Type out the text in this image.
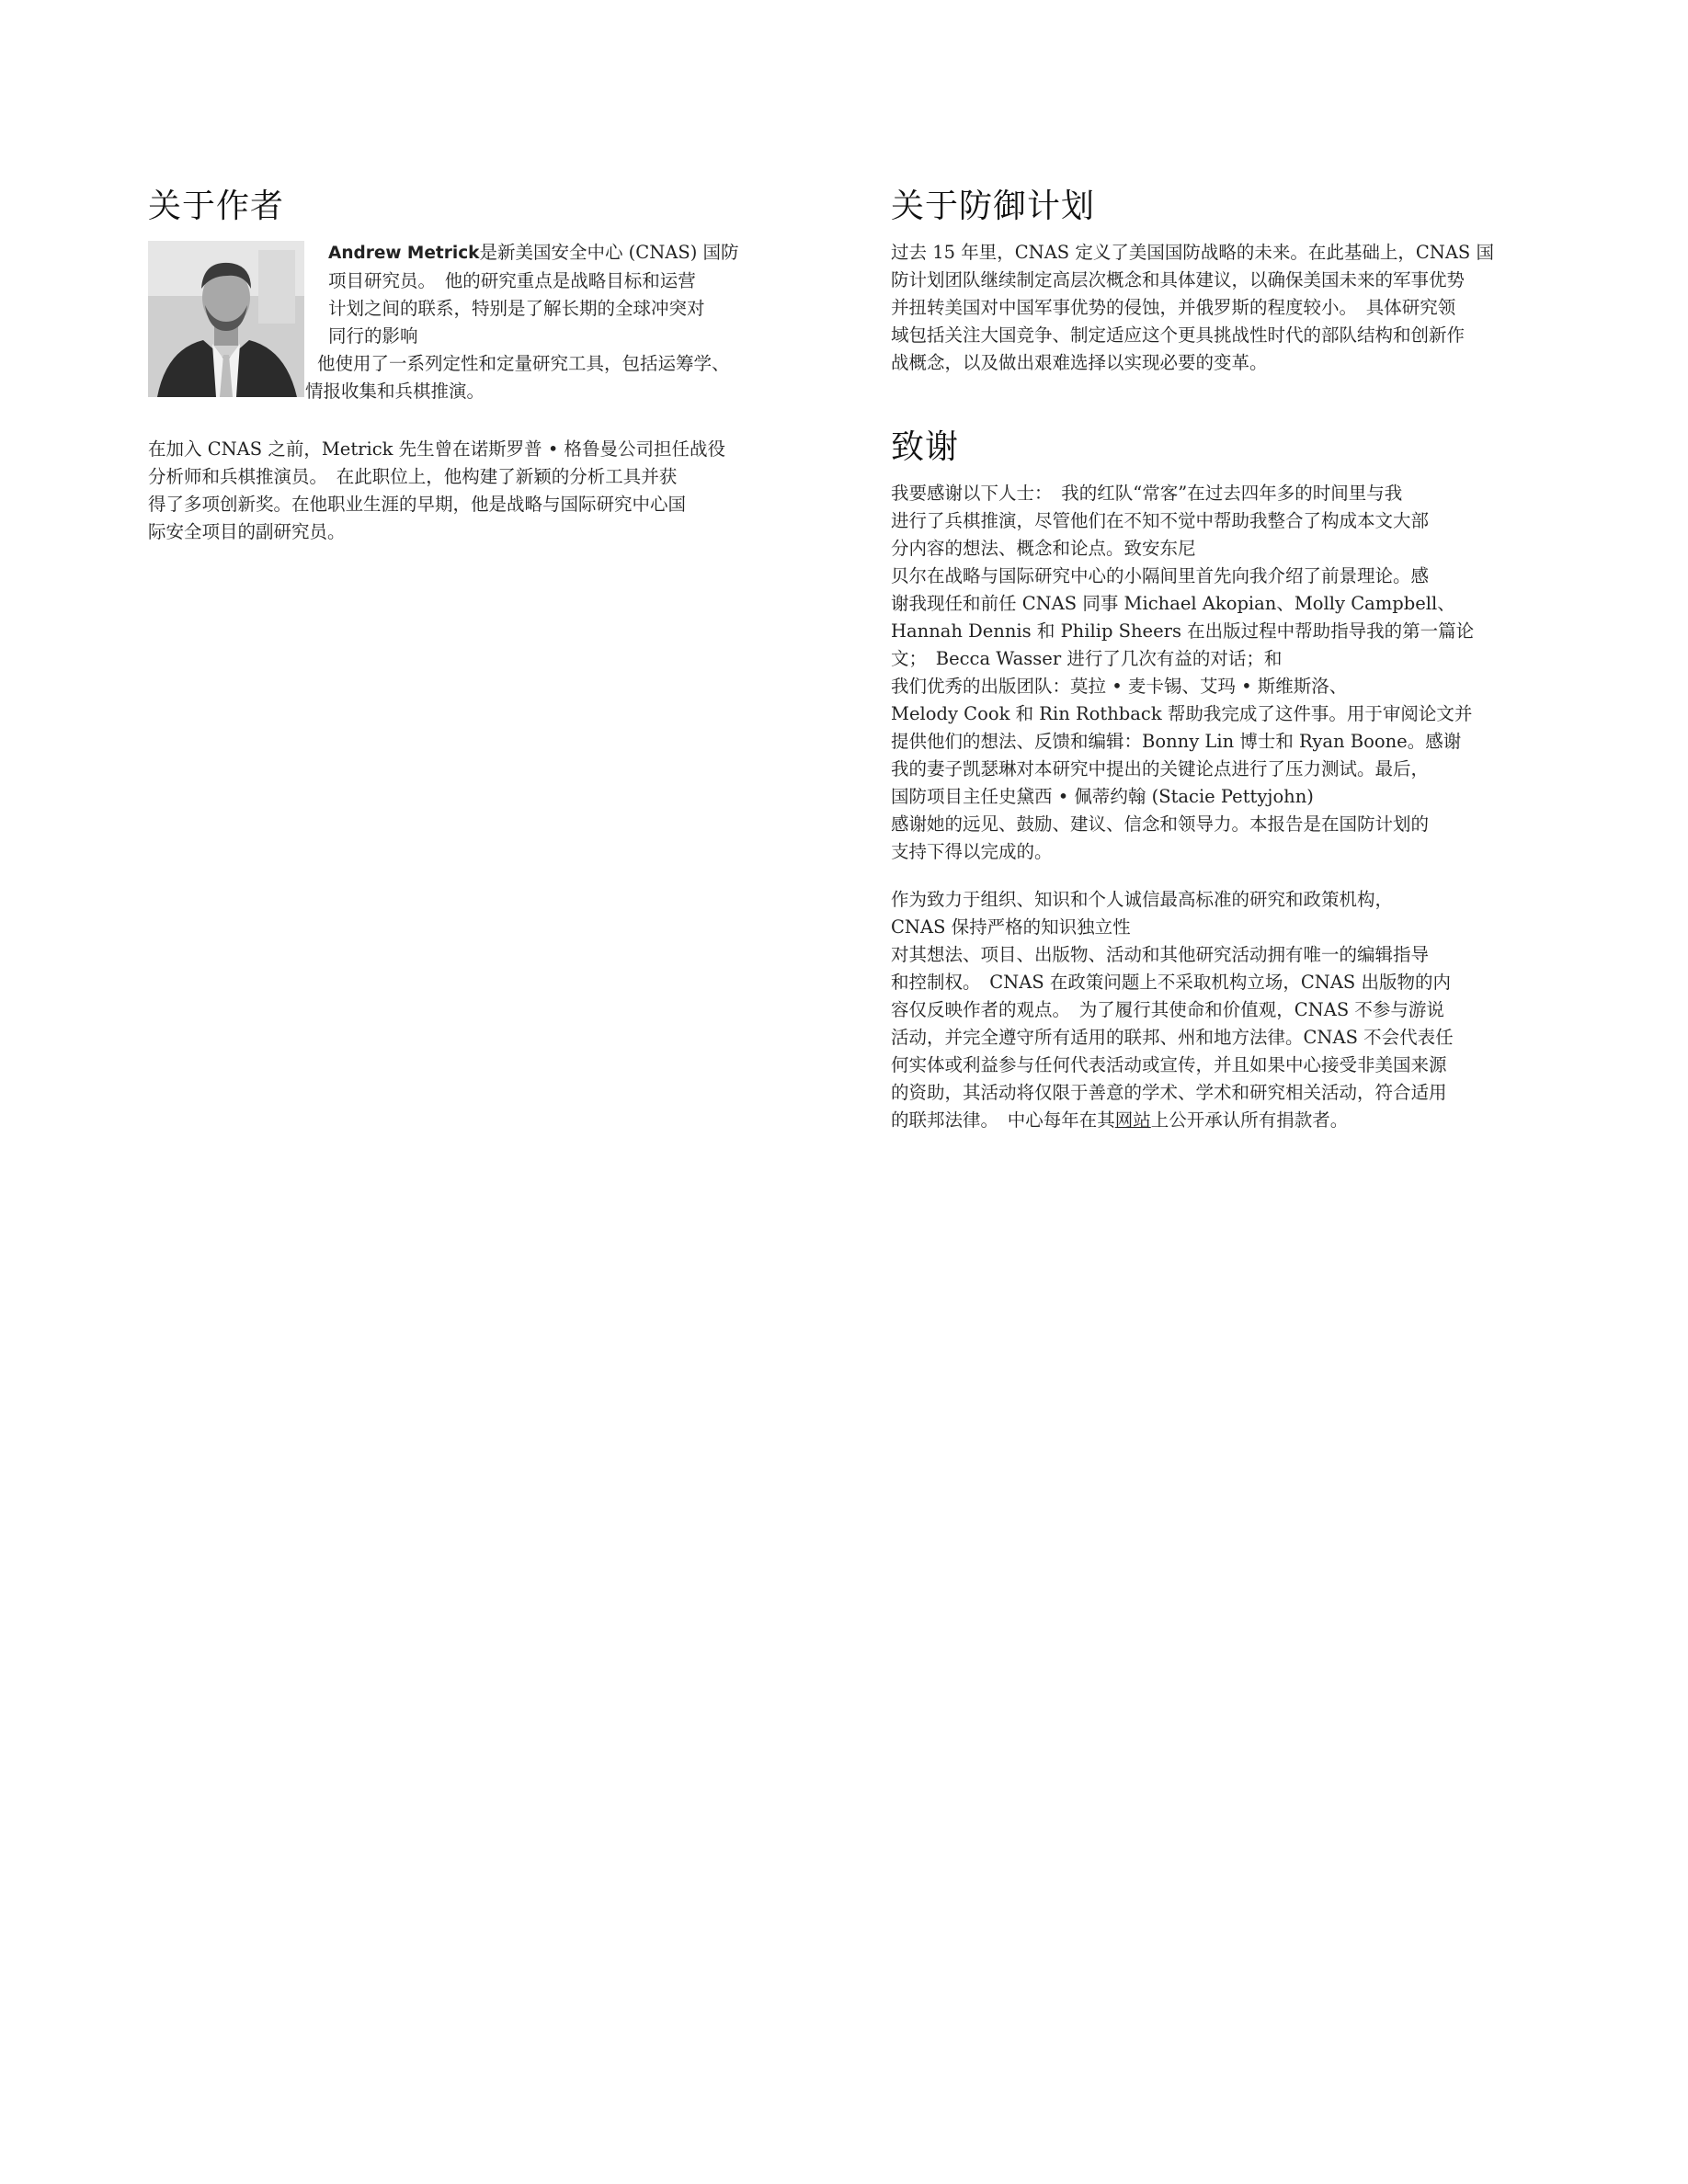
关于作者
Andrew Metrick是新美国安全中心 (CNAS) 国防
项目研究员。　他的研究重点是战略目标和运营
计划之间的联系，特别是了解长期的全球冲突对
同行的影响
他使用了一系列定性和定量研究工具，包括运筹学、
情报收集和兵棋推演。

在加入 CNAS 之前，Metrick 先生曾在诺斯罗普 • 格鲁曼公司担任战役
分析师和兵棋推演员。　在此职位上，他构建了新颖的分析工具并获
得了多项创新奖。在他职业生涯的早期，他是战略与国际研究中心国
际安全项目的副研究员。

关于防御计划

过去 15 年里，CNAS 定义了美国国防战略的未来。在此基础上，CNAS 国
防计划团队继续制定高层次概念和具体建议，以确保美国未来的军事优势
并扭转美国对中国军事优势的侵蚀，并俄罗斯的程度较小。　具体研究领
域包括关注大国竞争、制定适应这个更具挑战性时代的部队结构和创新作
战概念，以及做出艰难选择以实现必要的变革。

致谢

我要感谢以下人士：　我的红队“常客”在过去四年多的时间里与我
进行了兵棋推演，尽管他们在不知不觉中帮助我整合了构成本文大部
分内容的想法、概念和论点。致安东尼
贝尔在战略与国际研究中心的小隔间里首先向我介绍了前景理论。感
谢我现任和前任 CNAS 同事 Michael Akopian、Molly Campbell、
Hannah Dennis 和 Philip Sheers 在出版过程中帮助指导我的第一篇论
文；　Becca Wasser 进行了几次有益的对话；和
我们优秀的出版团队：莫拉 • 麦卡锡、艾玛 • 斯维斯洛、
Melody Cook 和 Rin Rothback 帮助我完成了这件事。用于审阅论文并
提供他们的想法、反馈和编辑：Bonny Lin 博士和 Ryan Boone。感谢
我的妻子凯瑟琳对本研究中提出的关键论点进行了压力测试。最后，
国防项目主任史黛西 • 佩蒂约翰 (Stacie Pettyjohn)
感谢她的远见、鼓励、建议、信念和领导力。本报告是在国防计划的
支持下得以完成的。

作为致力于组织、知识和个人诚信最高标准的研究和政策机构，
CNAS 保持严格的知识独立性
对其想法、项目、出版物、活动和其他研究活动拥有唯一的编辑指导
和控制权。　CNAS 在政策问题上不采取机构立场，CNAS 出版物的内
容仅反映作者的观点。　为了履行其使命和价值观，CNAS 不参与游说
活动，并完全遵守所有适用的联邦、州和地方法律。CNAS 不会代表任
何实体或利益参与任何代表活动或宣传，并且如果中心接受非美国来源
的资助，其活动将仅限于善意的学术、学术和研究相关活动，符合适用
的联邦法律。　中心每年在其网站上公开承认所有捐款者。
